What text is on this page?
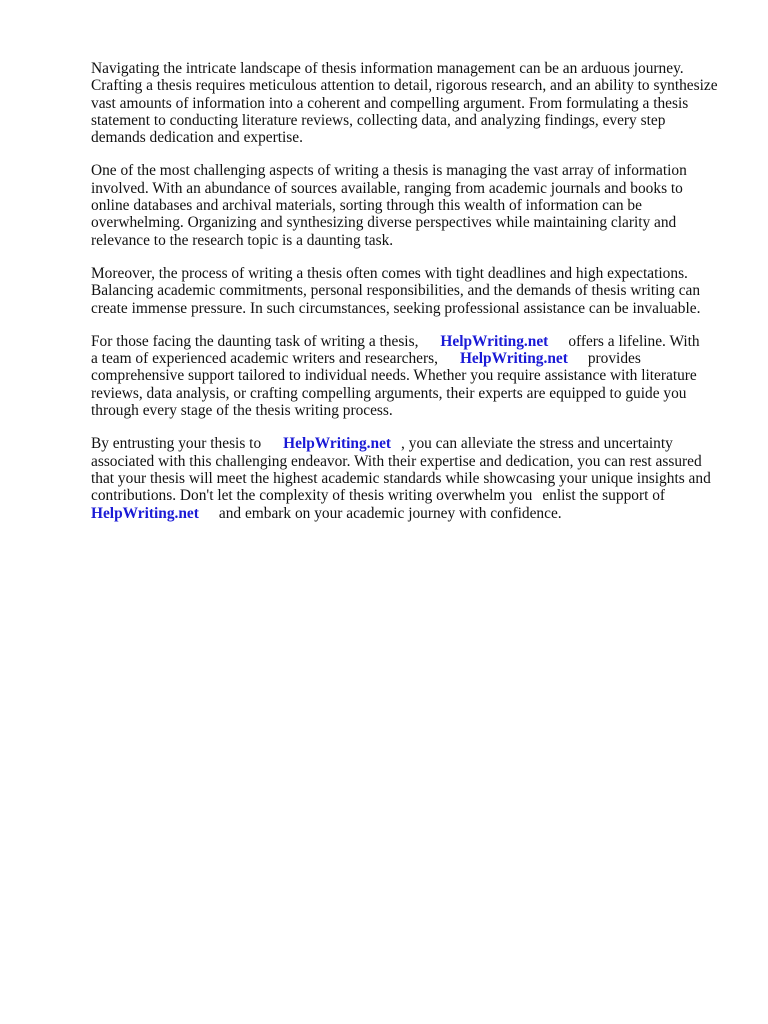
Navigating the intricate landscape of thesis information management can be an arduous journey.
Crafting a thesis requires meticulous attention to detail, rigorous research, and an ability to synthesize
vast amounts of information into a coherent and compelling argument. From formulating a thesis
statement to conducting literature reviews, collecting data, and analyzing findings, every step
demands dedication and expertise.

One of the most challenging aspects of writing a thesis is managing the vast array of information
involved. With an abundance of sources available, ranging from academic journals and books to
online databases and archival materials, sorting through this wealth of information can be
overwhelming. Organizing and synthesizing diverse perspectives while maintaining clarity and
relevance to the research topic is a daunting task.

Moreover, the process of writing a thesis often comes with tight deadlines and high expectations.
Balancing academic commitments, personal responsibilities, and the demands of thesis writing can
create immense pressure. In such circumstances, seeking professional assistance can be invaluable.

For those facing the daunting task of writing a thesis, HelpWriting.net offers a lifeline. With
a team of experienced academic writers and researchers, HelpWriting.net provides
comprehensive support tailored to individual needs. Whether you require assistance with literature
reviews, data analysis, or crafting compelling arguments, their experts are equipped to guide you
through every stage of the thesis writing process.

By entrusting your thesis to HelpWriting.net , you can alleviate the stress and uncertainty
associated with this challenging endeavor. With their expertise and dedication, you can rest assured
that your thesis will meet the highest academic standards while showcasing your unique insights and
contributions. Don't let the complexity of thesis writing overwhelm you enlist the support of
HelpWriting.net and embark on your academic journey with confidence.
